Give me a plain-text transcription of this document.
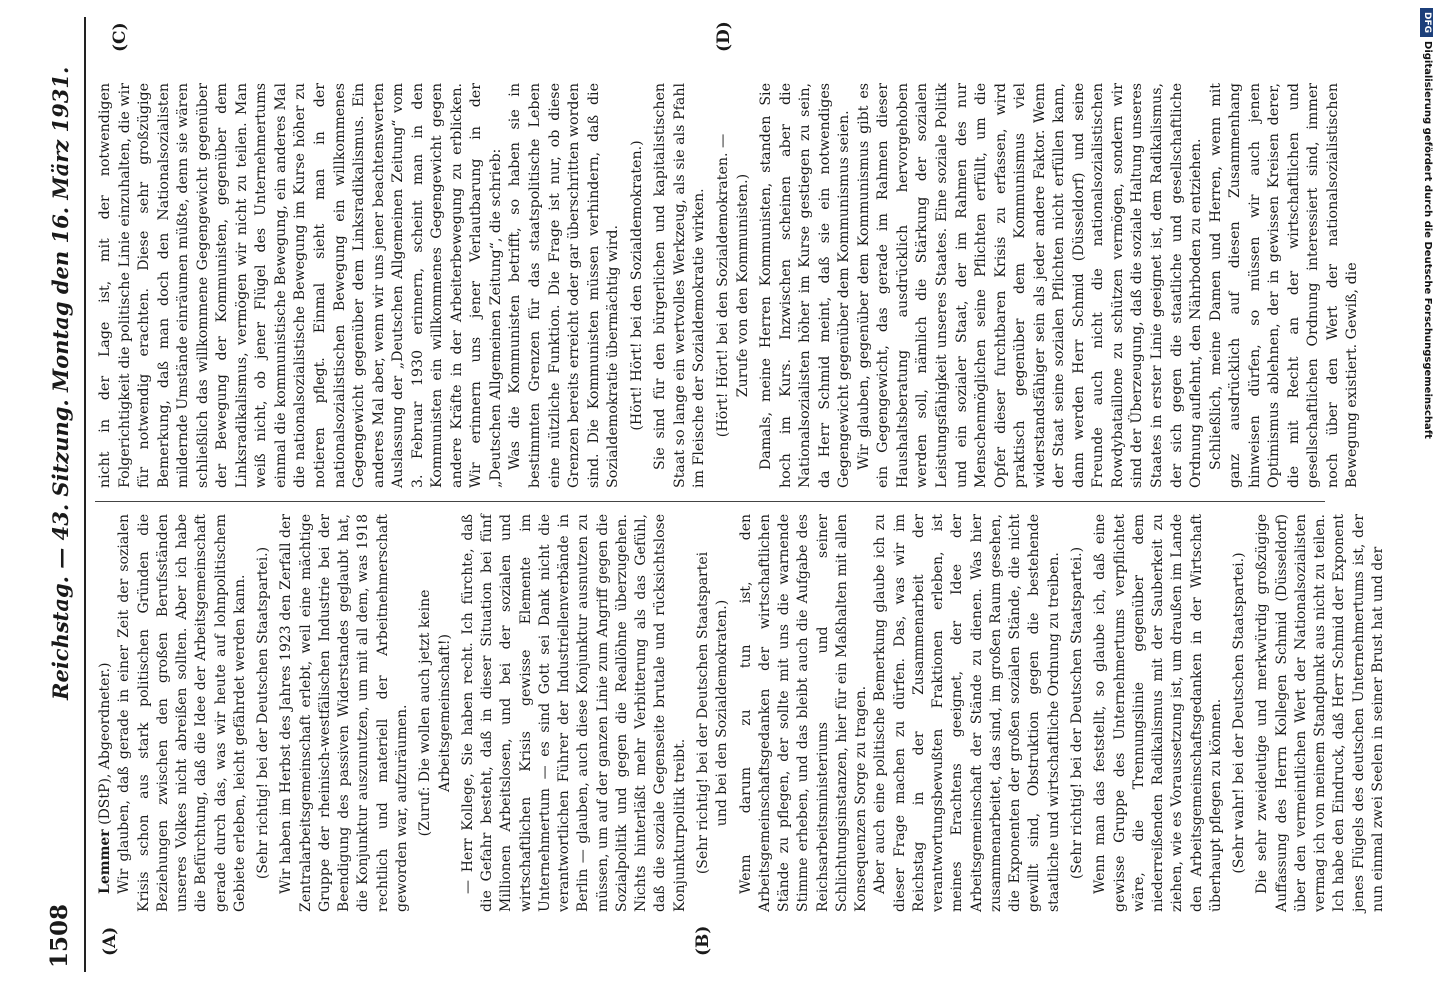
1508
Reichstag. — 43. Sitzung. Montag den 16. März 1931.
(A)	(B)
(C)	(D)

Lemmer (DStP), Abgeordneter.) Wir glauben, daß gerade in einer Zeit der sozialen Krisis schon aus stark politischen Gründen die Beziehungen zwischen den großen Berufsständen unseres Volkes nicht abreißen sollten. Aber ich habe die Befürchtung, daß die Idee der Arbeitsgemeinschaft gerade durch das, was wir heute auf lohnpolitischem Gebiete erleben, leicht gefährdet werden kann. (Sehr richtig! bei der Deutschen Staatspartei.) Wir haben im Herbst des Jahres 1923 den Zerfall der Zentralarbeitsgemeinschaft erlebt, weil eine mächtige Gruppe der rheinisch-westfälischen Industrie bei der Beendigung des passiven Widerstandes geglaubt hat, die Konjunktur auszunutzen, um mit all dem, was 1918 rechtlich und materiell der Arbeitnehmerschaft geworden war, aufzuräumen. (Zuruf: Die wollen auch jetzt keine Arbeitsgemeinschaft!) — Herr Kollege, Sie haben recht. Ich fürchte, daß die Gefahr besteht, daß in dieser Situation bei fünf Millionen Arbeitslosen, und bei der sozialen und wirtschaftlichen Krisis gewisse Elemente im Unternehmertum — es sind Gott sei Dank nicht die verantwortlichen Führer der Industriellenverbände in Berlin — glauben, auch diese Konjunktur ausnutzen zu müssen, um auf der ganzen Linie zum Angriff gegen die Sozialpolitik und gegen die Reallöhne überzugehen. Nichts hinterläßt mehr Verbitterung als das Gefühl, daß die soziale Gegenseite brutale und rücksichtslose Konjunkturpolitik treibt. (Sehr richtig! bei der Deutschen Staatspartei und bei den Sozialdemokraten.) Wenn darum zu tun ist, den Arbeitsgemeinschaftsgedanken der wirtschaftlichen Stände zu pflegen, der sollte mit uns die warnende Stimme erheben, und das bleibt auch die Aufgabe des Reichsarbeitsministeriums und seiner Schlichtungsinstanzen, hier für ein Maßhalten mit allen Konsequenzen Sorge zu tragen. Aber auch eine politische Bemerkung glaube ich zu dieser Frage machen zu dürfen. Das, was wir im Reichstag in der Zusammenarbeit der verantwortungsbewußten Fraktionen erleben, ist meines Erachtens geeignet, der Idee der Arbeitsgemeinschaft der Stände zu dienen. Was hier zusammenarbeitet, das sind, im großen Raum gesehen, die Exponenten der großen sozialen Stände, die nicht gewillt sind, Obstruktion gegen die bestehende staatliche und wirtschaftliche Ordnung zu treiben. (Sehr richtig! bei der Deutschen Staatspartei.) Wenn man das feststellt, so glaube ich, daß eine gewisse Gruppe des Unternehmertums verpflichtet wäre, die Trennungslinie gegenüber dem niederreißenden Radikalismus mit der Sauberkeit zu ziehen, wie es Voraussetzung ist, um draußen im Lande den Arbeitsgemeinschaftsgedanken in der Wirtschaft überhaupt pflegen zu können. (Sehr wahr! bei der Deutschen Staatspartei.) Die sehr zweideutige und merkwürdig großzügige Auffassung des Herrn Kollegen Schmid (Düsseldorf) über den vermeintlichen Wert der Nationalsozialisten vermag ich von meinem Standpunkt aus nicht zu teilen. Ich habe den Eindruck, daß Herr Schmid der Exponent jenes Flügels des deutschen Unternehmertums ist, der nun einmal zwei Seelen in seiner Brust hat und der

nicht in der Lage ist, mit der notwendigen Folgerichtigkeit die politische Linie einzuhalten, die wir für notwendig erachten. Diese sehr großzügige Bemerkung, daß man doch den Nationalsozialisten mildernde Umstände einräumen müßte, denn sie wären schließlich das willkommene Gegengewicht gegenüber der Bewegung der Kommunisten, gegenüber dem Linksradikalismus, vermögen wir nicht zu teilen. Man weiß nicht, ob jener Flügel des Unternehmertums einmal die kommunistische Bewegung, ein anderes Mal die nationalsozialistische Bewegung im Kurse höher zu notieren pflegt. Einmal sieht man in der nationalsozialistischen Bewegung ein willkommenes Gegengewicht gegenüber dem Linksradikalismus. Ein anderes Mal aber, wenn wir uns jener beachtenswerten Auslassung der „Deutschen Allgemeinen Zeitung“ vom 3. Februar 1930 erinnern, scheint man in den Kommunisten ein willkommenes Gegengewicht gegen andere Kräfte in der Arbeiterbewegung zu erblicken. Wir erinnern uns jener Verlautbarung in der „Deutschen Allgemeinen Zeitung“, die schrieb: Was die Kommunisten betrifft, so haben sie in bestimmten Grenzen für das staatspolitische Leben eine nützliche Funktion. Die Frage ist nur, ob diese Grenzen bereits erreicht oder gar überschritten worden sind. Die Kommunisten müssen verhindern, daß die Sozialdemokratie übermächtig wird. (Hört! Hört! bei den Sozialdemokraten.) Sie sind für den bürgerlichen und kapitalistischen Staat so lange ein wertvolles Werkzeug, als sie als Pfahl im Fleische der Sozialdemokratie wirken. (Hört! Hört! bei den Sozialdemokraten. — Zurufe von den Kommunisten.) Damals, meine Herren Kommunisten, standen Sie hoch im Kurs. Inzwischen scheinen aber die Nationalsozialisten höher im Kurse gestiegen zu sein, da Herr Schmid meint, daß sie ein notwendiges Gegengewicht gegenüber dem Kommunismus seien. Wir glauben, gegenüber dem Kommunismus gibt es ein Gegengewicht, das gerade im Rahmen dieser Haushaltsberatung ausdrücklich hervorgehoben werden soll, nämlich die Stärkung der sozialen Leistungsfähigkeit unseres Staates. Eine soziale Politik und ein sozialer Staat, der im Rahmen des nur Menschenmöglichen seine Pflichten erfüllt, um die Opfer dieser furchtbaren Krisis zu erfassen, wird praktisch gegenüber dem Kommunismus viel widerstandsfähiger sein als jeder andere Faktor. Wenn der Staat seine sozialen Pflichten nicht erfüllen kann, dann werden Herr Schmid (Düsseldorf) und seine Freunde auch nicht die nationalsozialistischen Rowdybataillone zu schützen vermögen, sondern wir sind der Überzeugung, daß die soziale Haltung unseres Staates in erster Linie geeignet ist, dem Radikalismus, der sich gegen die staatliche und gesellschaftliche Ordnung auflehnt, den Nährboden zu entziehen. Schließlich, meine Damen und Herren, wenn mit ganz ausdrücklich auf diesen Zusammenhang hinweisen dürfen, so müssen wir auch jenen Optimismus ablehnen, der in gewissen Kreisen derer, die mit Recht an der wirtschaftlichen und gesellschaftlichen Ordnung interessiert sind, immer noch über den Wert der nationalsozialistischen Bewegung existiert. Gewiß, die

DFGDigitalisierung gefördert durch die Deutsche Forschungsgemeinschaft
